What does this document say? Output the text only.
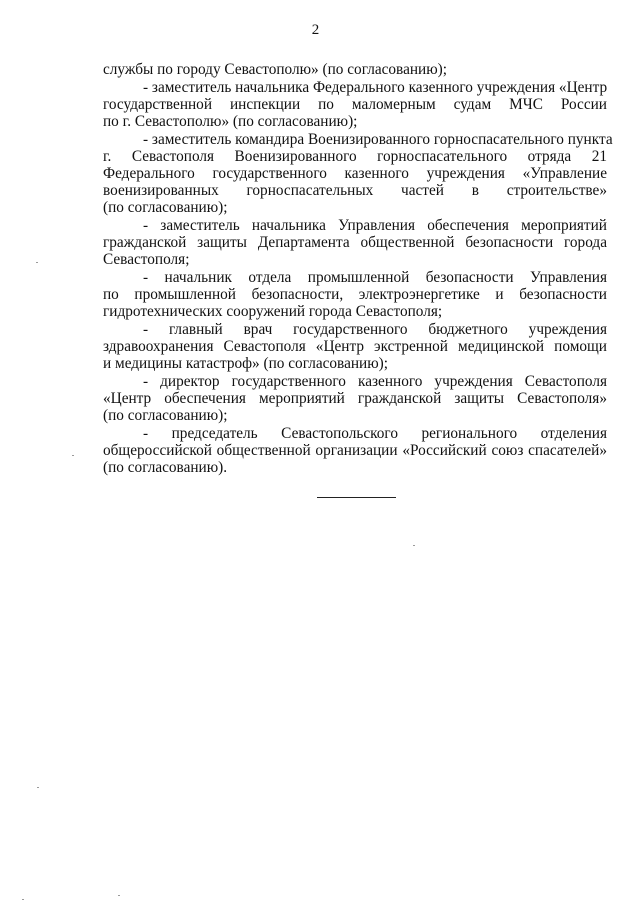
2
службы по городу Севастополю» (по согласованию);
- заместитель начальника Федерального казенного учреждения «Центр
государственной инспекции по маломерным судам МЧС России
по г. Севастополю» (по согласованию);
- заместитель командира Военизированного горноспасательного пункта
г. Севастополя Военизированного горноспасательного отряда 21
Федерального государственного казенного учреждения «Управление
военизированных горноспасательных частей в строительстве»
(по согласованию);
- заместитель начальника Управления обеспечения мероприятий
гражданской защиты Департамента общественной безопасности города
Севастополя;
- начальник отдела промышленной безопасности Управления
по промышленной безопасности, электроэнергетике и безопасности
гидротехнических сооружений города Севастополя;
- главный врач государственного бюджетного учреждения
здравоохранения Севастополя «Центр экстренной медицинской помощи
и медицины катастроф» (по согласованию);
- директор государственного казенного учреждения Севастополя
«Центр обеспечения мероприятий гражданской защиты Севастополя»
(по согласованию);
- председатель Севастопольского регионального отделения
общероссийской общественной организации «Российский союз спасателей»
(по согласованию).
